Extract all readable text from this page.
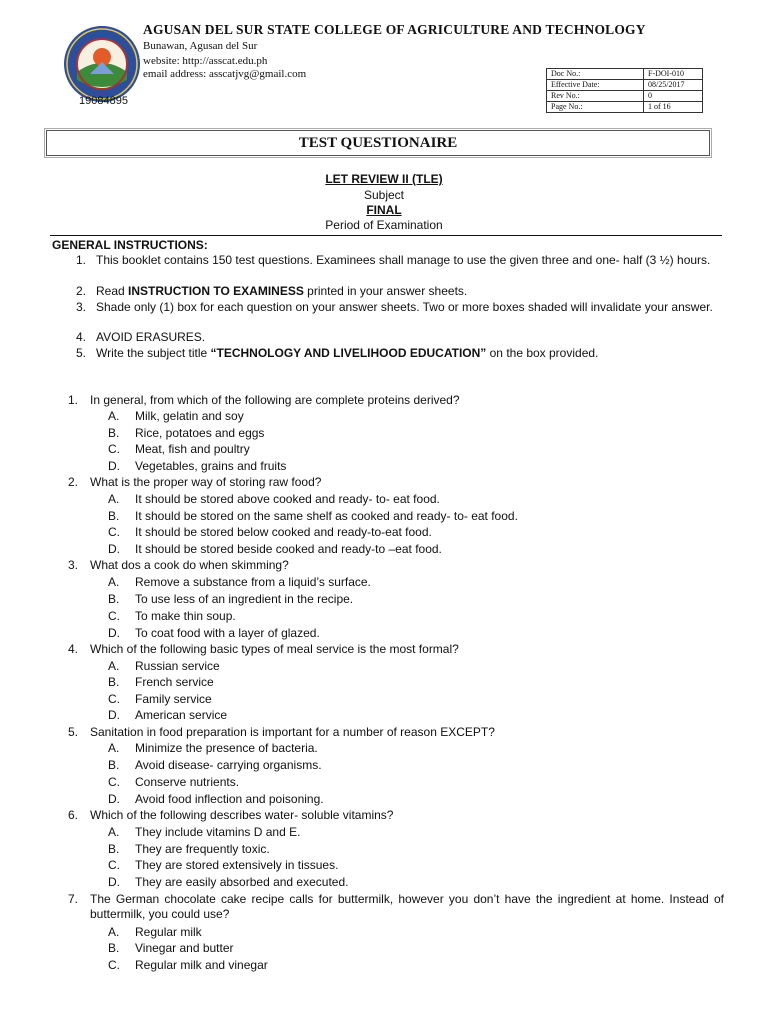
19084895
AGUSAN DEL SUR STATE COLLEGE OF AGRICULTURE AND TECHNOLOGY
Bunawan, Agusan del Sur
website: http://asscat.edu.ph
email address: asscatjvg@gmail.com	Doc No.:	F-DOI-010
Effective Date:	08/25/2017
Rev No.:	0
Page No.:	1 of 16
TEST QUESTIONAIRE
LET REVIEW II (TLE)
Subject
FINAL
Period of Examination
GENERAL INSTRUCTIONS:
1. This booklet contains 150 test questions. Examinees shall manage to use the given three and one- half (3 ½) hours.
2. Read INSTRUCTION TO EXAMINESS printed in your answer sheets.
3. Shade only (1) box for each question on your answer sheets. Two or more boxes shaded will invalidate your answer.
4. AVOID ERASURES.
5. Write the subject title “TECHNOLOGY AND LIVELIHOOD EDUCATION” on the box provided.
1. In general, from which of the following are complete proteins derived?
A. Milk, gelatin and soy
B. Rice, potatoes and eggs
C. Meat, fish and poultry
D. Vegetables, grains and fruits
2. What is the proper way of storing raw food?
A. It should be stored above cooked and ready- to- eat food.
B. It should be stored on the same shelf as cooked and ready- to- eat food.
C. It should be stored below cooked and ready-to-eat food.
D. It should be stored beside cooked and ready-to –eat food.
3. What dos a cook do when skimming?
A. Remove a substance from a liquid’s surface.
B. To use less of an ingredient in the recipe.
C. To make thin soup.
D. To coat food with a layer of glazed.
4. Which of the following basic types of meal service is the most formal?
A. Russian service
B. French service
C. Family service
D. American service
5. Sanitation in food preparation is important for a number of reason EXCEPT?
A. Minimize the presence of bacteria.
B. Avoid disease- carrying organisms.
C. Conserve nutrients.
D. Avoid food inflection and poisoning.
6. Which of the following describes water- soluble vitamins?
A. They include vitamins D and E.
B. They are frequently toxic.
C. They are stored extensively in tissues.
D. They are easily absorbed and executed.
7. The German chocolate cake recipe calls for buttermilk, however you don’t have the ingredient at home. Instead of buttermilk, you could use?
A. Regular milk
B. Vinegar and butter
C. Regular milk and vinegar
